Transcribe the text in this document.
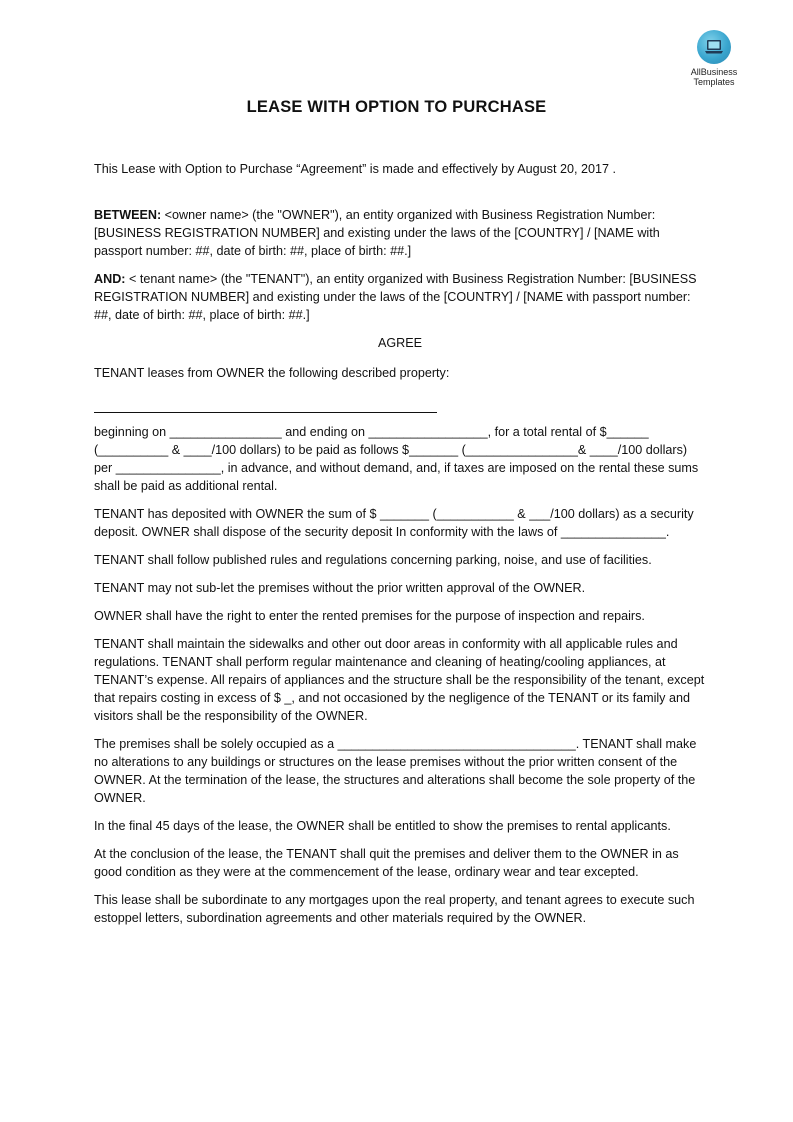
AllBusiness
Templates
LEASE WITH OPTION TO PURCHASE

This Lease with Option to Purchase “Agreement” is made and effectively by August 20, 2017 .

BETWEEN: <owner name> (the "OWNER"), an entity organized with Business Registration Number: [BUSINESS REGISTRATION NUMBER] and existing under the laws of the [COUNTRY] / [NAME with passport number: ##, date of birth: ##, place of birth: ##.]

AND: < tenant name> (the "TENANT"), an entity organized with Business Registration Number: [BUSINESS REGISTRATION NUMBER] and existing under the laws of the [COUNTRY] / [NAME with passport number: ##, date of birth: ##, place of birth: ##.]

AGREE

TENANT leases from OWNER the following described property:

beginning on ________________ and ending on _________________, for a total rental of $______ (__________ & ____/100 dollars) to be paid as follows $_______ (________________& ____/100 dollars) per _______________, in advance, and without demand, and, if taxes are imposed on the rental these sums shall be paid as additional rental.

TENANT has deposited with OWNER the sum of $ _______ (___________ & ___/100 dollars) as a security deposit. OWNER shall dispose of the security deposit In conformity with the laws of _______________.

TENANT shall follow published rules and regulations concerning parking, noise, and use of facilities.

TENANT may not sub-let the premises without the prior written approval of the OWNER.

OWNER shall have the right to enter the rented premises for the purpose of inspection and repairs.

TENANT shall maintain the sidewalks and other out door areas in conformity with all applicable rules and regulations. TENANT shall perform regular maintenance and cleaning of heating/cooling appliances, at TENANT’s expense. All repairs of appliances and the structure shall be the responsibility of the tenant, except that repairs costing in excess of $ _, and not occasioned by the negligence of the TENANT or its family and visitors shall be the responsibility of the OWNER.

The premises shall be solely occupied as a __________________________________. TENANT shall make no alterations to any buildings or structures on the lease premises without the prior written consent of the OWNER. At the termination of the lease, the structures and alterations shall become the sole property of the OWNER.

In the final 45 days of the lease, the OWNER shall be entitled to show the premises to rental applicants.

At the conclusion of the lease, the TENANT shall quit the premises and deliver them to the OWNER in as good condition as they were at the commencement of the lease, ordinary wear and tear excepted.

This lease shall be subordinate to any mortgages upon the real property, and tenant agrees to execute such estoppel letters, subordination agreements and other materials required by the OWNER.
